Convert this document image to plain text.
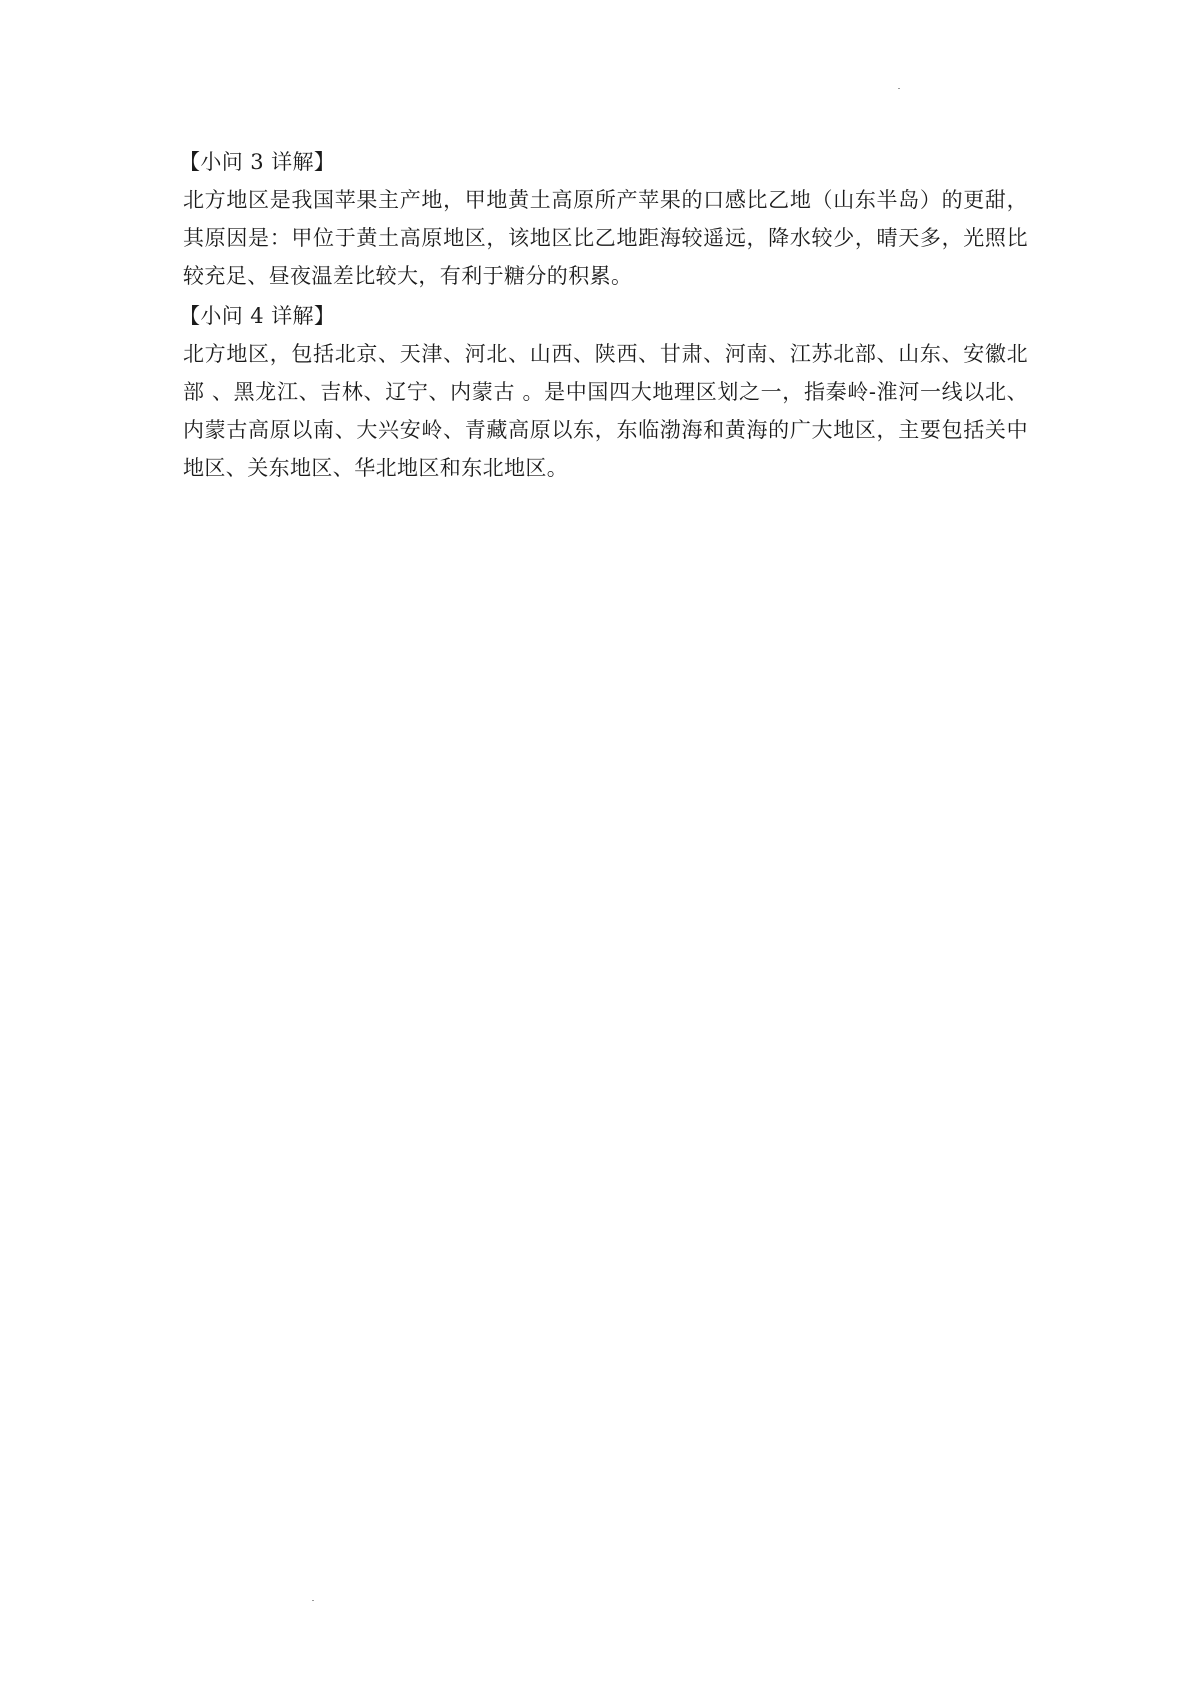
【小问 3 详解】

北方地区是我国苹果主产地，甲地黄土高原所产苹果的口感比乙地（山东半岛）的更甜，其原因是：甲位于黄土高原地区，该地区比乙地距海较遥远，降水较少，晴天多，光照比较充足、昼夜温差比较大，有利于糖分的积累。

【小问 4 详解】

北方地区，包括北京、天津、河北、山西、陕西、甘肃、河南、江苏北部、山东、安徽北部 、黑龙江、吉林、辽宁、内蒙古 。是中国四大地理区划之一，指秦岭-淮河一线以北、内蒙古高原以南、大兴安岭、青藏高原以东，东临渤海和黄海的广大地区，主要包括关中地区、关东地区、华北地区和东北地区。
